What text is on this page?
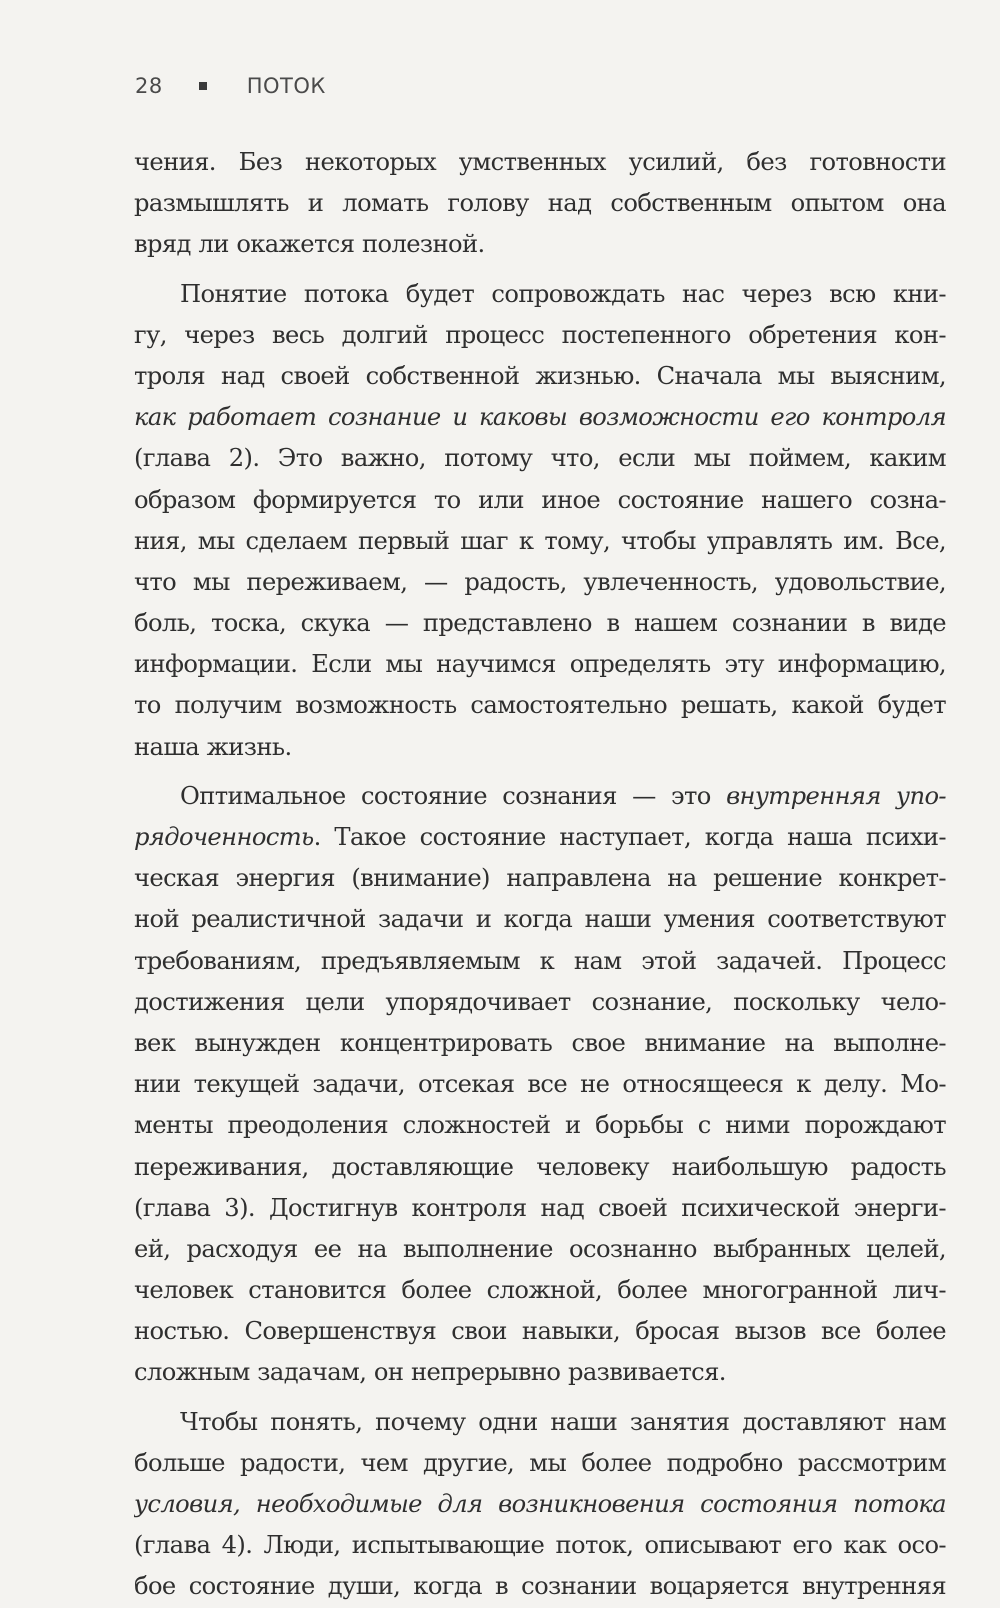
28	ПОТОК
чения. Без некоторых умственных усилий, без готовности
размышлять и ломать голову над собственным опытом она
вряд ли окажется полезной.
Понятие потока будет сопровождать нас через всю кни-
гу, через весь долгий процесс постепенного обретения кон-
троля над своей собственной жизнью. Сначала мы выясним,
как работает сознание и каковы возможности его контроля
(глава 2). Это важно, потому что, если мы поймем, каким
образом формируется то или иное состояние нашего созна-
ния, мы сделаем первый шаг к тому, чтобы управлять им. Все,
что мы переживаем, — радость, увлеченность, удовольствие,
боль, тоска, скука — представлено в нашем сознании в виде
информации. Если мы научимся определять эту информацию,
то получим возможность самостоятельно решать, какой будет
наша жизнь.
Оптимальное состояние сознания — это внутренняя упо-
рядоченность. Такое состояние наступает, когда наша психи-
ческая энергия (внимание) направлена на решение конкрет-
ной реалистичной задачи и когда наши умения соответствуют
требованиям, предъявляемым к нам этой задачей. Процесс
достижения цели упорядочивает сознание, поскольку чело-
век вынужден концентрировать свое внимание на выполне-
нии текущей задачи, отсекая все не относящееся к делу. Мо-
менты преодоления сложностей и борьбы с ними порождают
переживания, доставляющие человеку наибольшую радость
(глава 3). Достигнув контроля над своей психической энерги-
ей, расходуя ее на выполнение осознанно выбранных целей,
человек становится более сложной, более многогранной лич-
ностью. Совершенствуя свои навыки, бросая вызов все более
сложным задачам, он непрерывно развивается.
Чтобы понять, почему одни наши занятия доставляют нам
больше радости, чем другие, мы более подробно рассмотрим
условия, необходимые для возникновения состояния потока
(глава 4). Люди, испытывающие поток, описывают его как осо-
бое состояние души, когда в сознании воцаряется внутренняя
